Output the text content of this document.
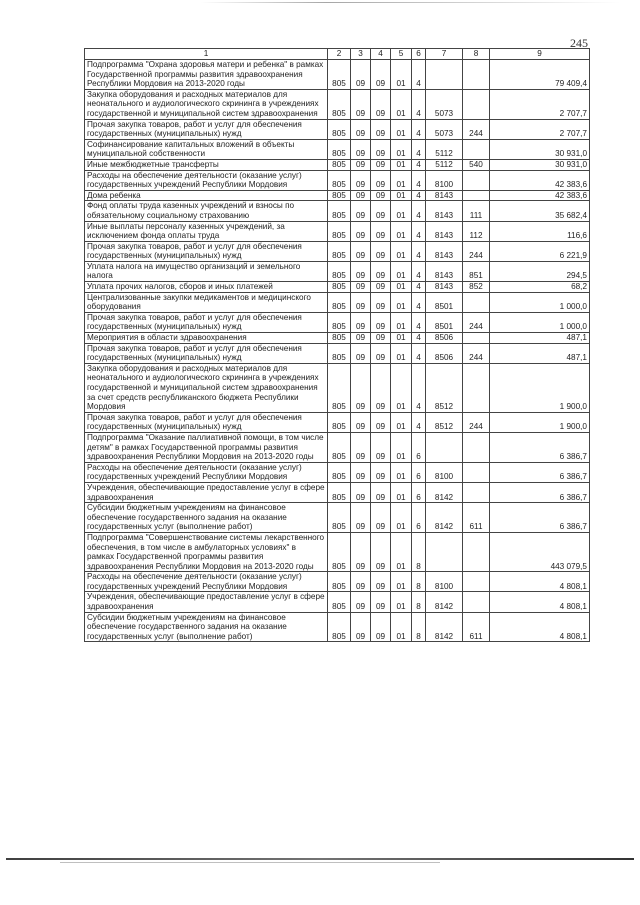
245
1	2	3	4	5	6	7	8	9
Подпрограмма "Охрана здоровья матери и ребенка" в рамках Государственной программы развития здравоохранения Республики Мордовия на 2013-2020 годы	805	09	09	01	4			79 409,4
Закупка оборудования и расходных материалов для неонатального и аудиологического скрининга в учреждениях государственной и муниципальной систем здравоохранения	805	09	09	01	4	5073		2 707,7
Прочая закупка товаров, работ и услуг для обеспечения государственных (муниципальных) нужд	805	09	09	01	4	5073	244	2 707,7
Софинансирование капитальных вложений в объекты муниципальной собственности	805	09	09	01	4	5112		30 931,0
Иные межбюджетные трансферты	805	09	09	01	4	5112	540	30 931,0
Расходы на обеспечение деятельности (оказание услуг) государственных учреждений Республики Мордовия	805	09	09	01	4	8100		42 383,6
Дома ребенка	805	09	09	01	4	8143		42 383,6
Фонд оплаты труда казенных учреждений и взносы по обязательному социальному страхованию	805	09	09	01	4	8143	111	35 682,4
Иные выплаты персоналу казенных учреждений, за исключением фонда оплаты труда	805	09	09	01	4	8143	112	116,6
Прочая закупка товаров, работ и услуг для обеспечения государственных (муниципальных) нужд	805	09	09	01	4	8143	244	6 221,9
Уплата налога на имущество организаций и земельного налога	805	09	09	01	4	8143	851	294,5
Уплата прочих налогов, сборов и иных платежей	805	09	09	01	4	8143	852	68,2
Централизованные закупки медикаментов и медицинского оборудования	805	09	09	01	4	8501		1 000,0
Прочая закупка товаров, работ и услуг для обеспечения государственных (муниципальных) нужд	805	09	09	01	4	8501	244	1 000,0
Мероприятия в области здравоохранения	805	09	09	01	4	8506		487,1
Прочая закупка товаров, работ и услуг для обеспечения государственных (муниципальных) нужд	805	09	09	01	4	8506	244	487,1
Закупка оборудования и расходных материалов для неонатального и аудиологического скрининга в учреждениях государственной и муниципальной систем здравоохранения за счет средств республиканского бюджета Республики Мордовия	805	09	09	01	4	8512		1 900,0
Прочая закупка товаров, работ и услуг для обеспечения государственных (муниципальных) нужд	805	09	09	01	4	8512	244	1 900,0
Подпрограмма "Оказание паллиативной помощи, в том числе детям" в рамках Государственной программы развития здравоохранения Республики Мордовия на 2013-2020 годы	805	09	09	01	6			6 386,7
Расходы на обеспечение деятельности (оказание услуг) государственных учреждений Республики Мордовия	805	09	09	01	6	8100		6 386,7
Учреждения, обеспечивающие предоставление услуг в сфере здравоохранения	805	09	09	01	6	8142		6 386,7
Субсидии бюджетным учреждениям на финансовое обеспечение государственного задания на оказание государственных услуг (выполнение работ)	805	09	09	01	6	8142	611	6 386,7
Подпрограмма "Совершенствование системы лекарственного обеспечения, в том числе в амбулаторных условиях" в рамках Государственной программы развития здравоохранения Республики Мордовия на 2013-2020 годы	805	09	09	01	8			443 079,5
Расходы на обеспечение деятельности (оказание услуг) государственных учреждений Республики Мордовия	805	09	09	01	8	8100		4 808,1
Учреждения, обеспечивающие предоставление услуг в сфере здравоохранения	805	09	09	01	8	8142		4 808,1
Субсидии бюджетным учреждениям на финансовое обеспечение государственного задания на оказание государственных услуг (выполнение работ)	805	09	09	01	8	8142	611	4 808,1
